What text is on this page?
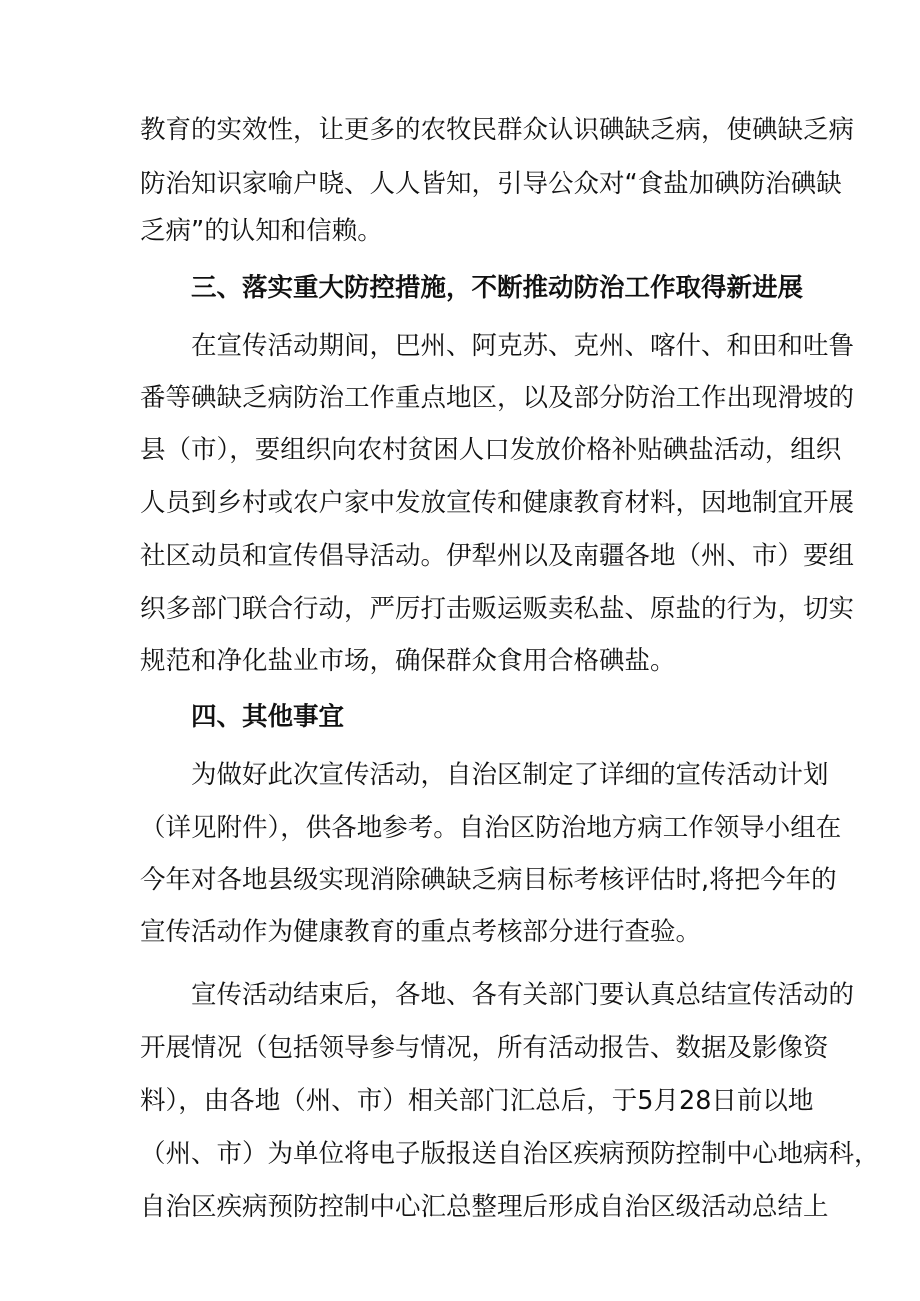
教育的实效性，让更多的农牧民群众认识碘缺乏病，使碘缺乏病
防治知识家喻户晓、人人皆知，引导公众对“食盐加碘防治碘缺
乏病”的认知和信赖。
三、落实重大防控措施，不断推动防治工作取得新进展
在宣传活动期间，巴州、阿克苏、克州、喀什、和田和吐鲁
番等碘缺乏病防治工作重点地区，以及部分防治工作出现滑坡的
县（市），要组织向农村贫困人口发放价格补贴碘盐活动，组织
人员到乡村或农户家中发放宣传和健康教育材料，因地制宜开展
社区动员和宣传倡导活动。伊犁州以及南疆各地（州、市）要组
织多部门联合行动，严厉打击贩运贩卖私盐、原盐的行为，切实
规范和净化盐业市场，确保群众食用合格碘盐。
四、其他事宜
为做好此次宣传活动，自治区制定了详细的宣传活动计划
（详见附件），供各地参考。自治区防治地方病工作领导小组在
今年对各地县级实现消除碘缺乏病目标考核评估时,将把今年的
宣传活动作为健康教育的重点考核部分进行查验。
宣传活动结束后，各地、各有关部门要认真总结宣传活动的
开展情况（包括领导参与情况，所有活动报告、数据及影像资
料），由各地（州、市）相关部门汇总后，于5月28日前以地
（州、市）为单位将电子版报送自治区疾病预防控制中心地病科，
自治区疾病预防控制中心汇总整理后形成自治区级活动总结上
